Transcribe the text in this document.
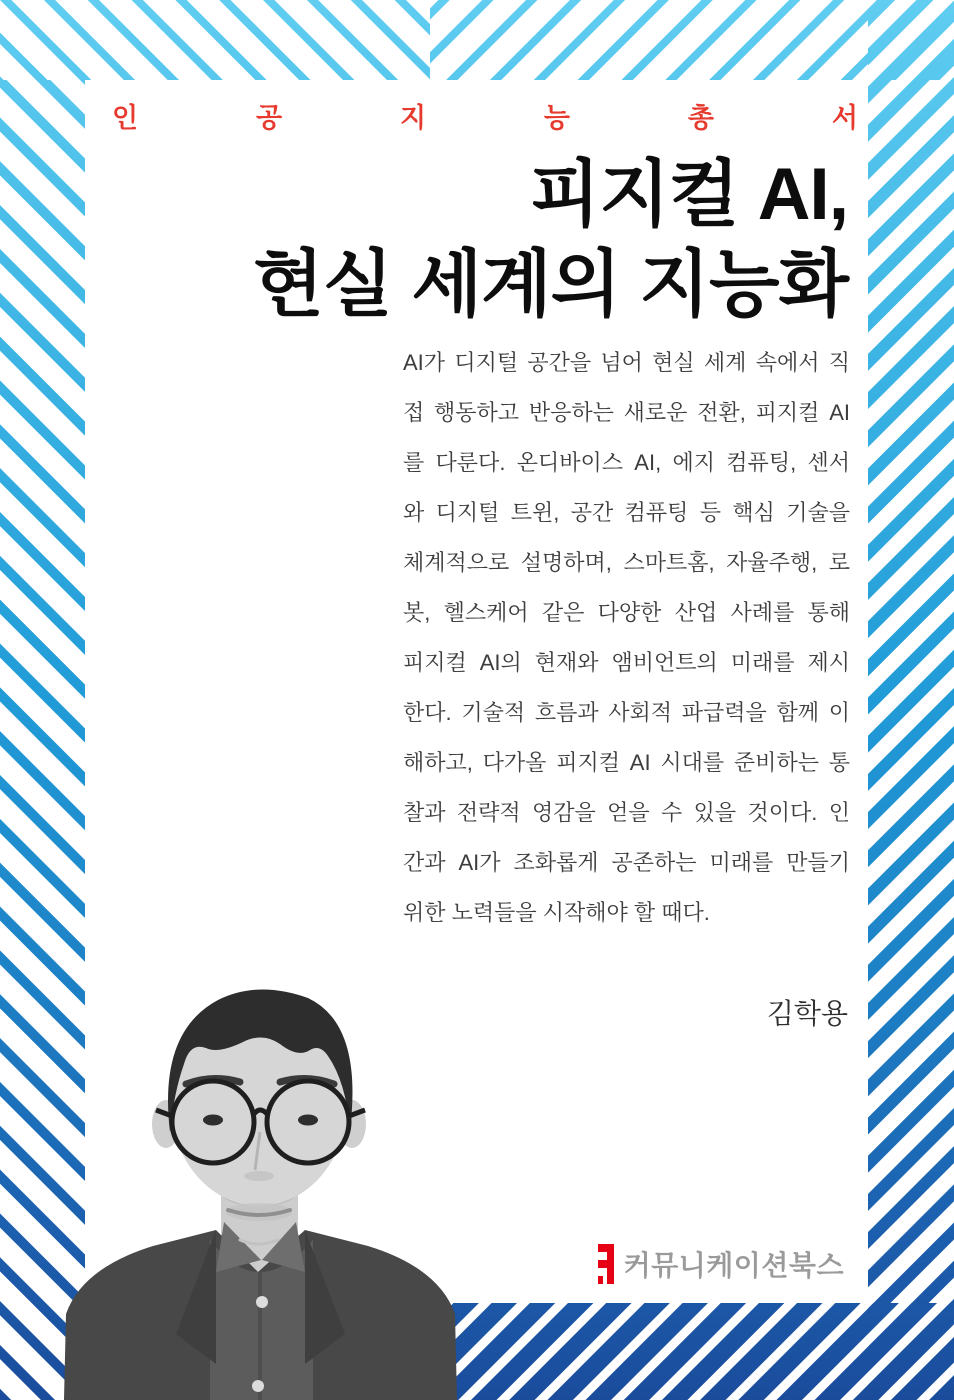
인	공	지	능	총	서
피지컬 AI,
현실 세계의 지능화
AI가 디지털 공간을 넘어 현실 세계 속에서 직
접 행동하고 반응하는 새로운 전환, 피지컬 AI
를 다룬다. 온디바이스 AI, 에지 컴퓨팅, 센서
와 디지털 트윈, 공간 컴퓨팅 등 핵심 기술을
체계적으로 설명하며, 스마트홈, 자율주행, 로
봇, 헬스케어 같은 다양한 산업 사례를 통해
피지컬 AI의 현재와 앰비언트의 미래를 제시
한다. 기술적 흐름과 사회적 파급력을 함께 이
해하고, 다가올 피지컬 AI 시대를 준비하는 통
찰과 전략적 영감을 얻을 수 있을 것이다. 인
간과 AI가 조화롭게 공존하는 미래를 만들기
위한 노력들을 시작해야 할 때다.
김학용
커뮤니케이션북스
